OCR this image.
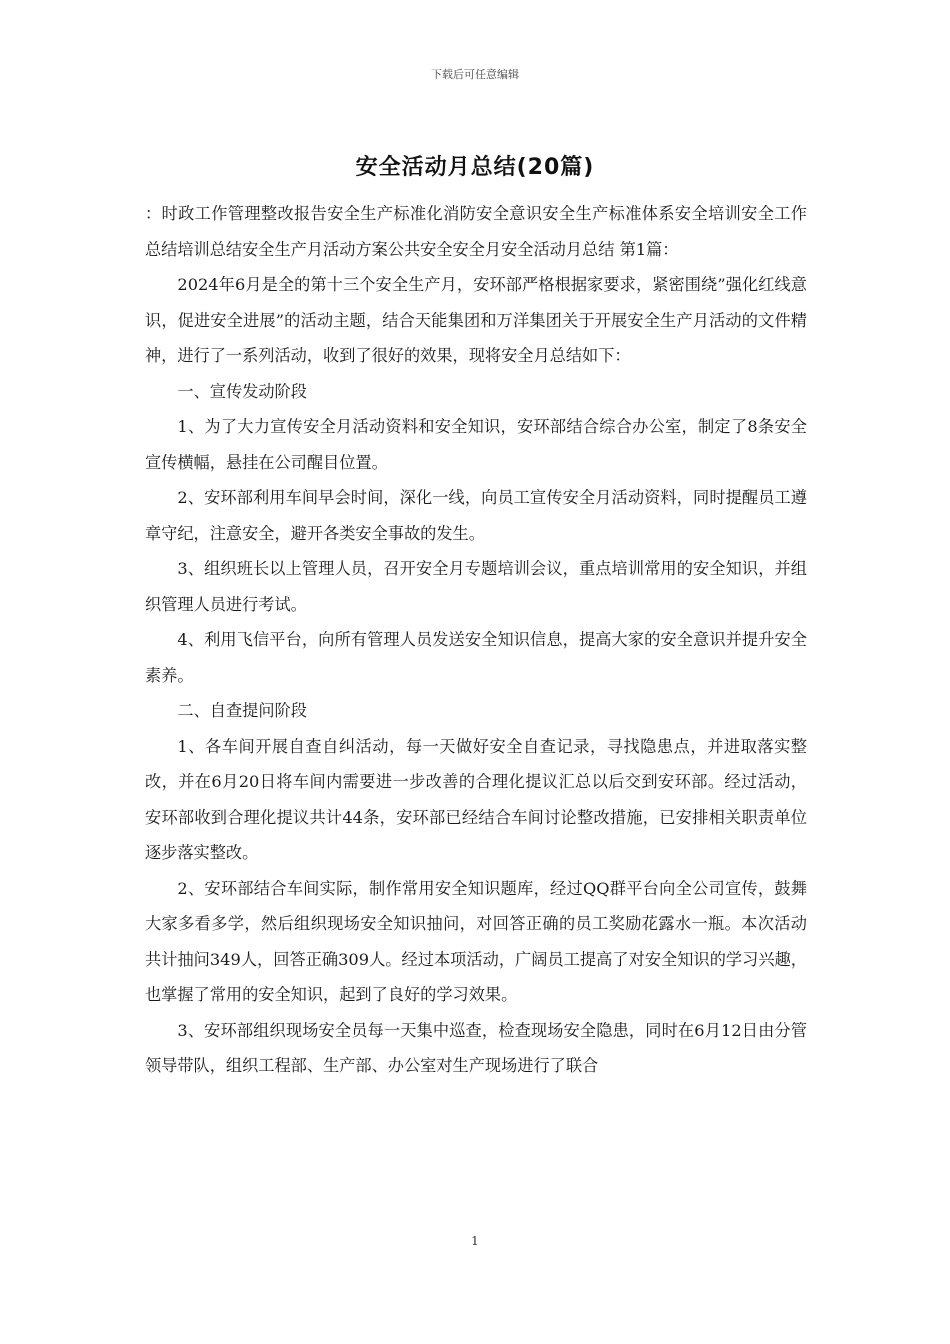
下载后可任意编辑
安全活动月总结(20篇)

：时政工作管理整改报告安全生产标准化消防安全意识安全生产标准体系安全培训安全工作总结培训总结安全生产月活动方案公共安全安全月安全活动月总结 第1篇：

2024年6月是全的第十三个安全生产月，安环部严格根据家要求，紧密围绕”强化红线意识，促进安全进展”的活动主题，结合天能集团和万洋集团关于开展安全生产月活动的文件精神，进行了一系列活动，收到了很好的效果，现将安全月总结如下：

一、宣传发动阶段

1、为了大力宣传安全月活动资料和安全知识，安环部结合综合办公室，制定了8条安全宣传横幅，悬挂在公司醒目位置。

2、安环部利用车间早会时间，深化一线，向员工宣传安全月活动资料，同时提醒员工遵章守纪，注意安全，避开各类安全事故的发生。

3、组织班长以上管理人员，召开安全月专题培训会议，重点培训常用的安全知识，并组织管理人员进行考试。

4、利用飞信平台，向所有管理人员发送安全知识信息，提高大家的安全意识并提升安全素养。

二、自查提问阶段

1、各车间开展自查自纠活动，每一天做好安全自查记录，寻找隐患点，并进取落实整改，并在6月20日将车间内需要进一步改善的合理化提议汇总以后交到安环部。经过活动，安环部收到合理化提议共计44条，安环部已经结合车间讨论整改措施，已安排相关职责单位逐步落实整改。

2、安环部结合车间实际，制作常用安全知识题库，经过QQ群平台向全公司宣传，鼓舞大家多看多学，然后组织现场安全知识抽问，对回答正确的员工奖励花露水一瓶。本次活动共计抽问349人，回答正确309人。经过本项活动，广阔员工提高了对安全知识的学习兴趣，也掌握了常用的安全知识，起到了良好的学习效果。

3、安环部组织现场安全员每一天集中巡查，检查现场安全隐患，同时在6月12日由分管领导带队，组织工程部、生产部、办公室对生产现场进行了联合

1
